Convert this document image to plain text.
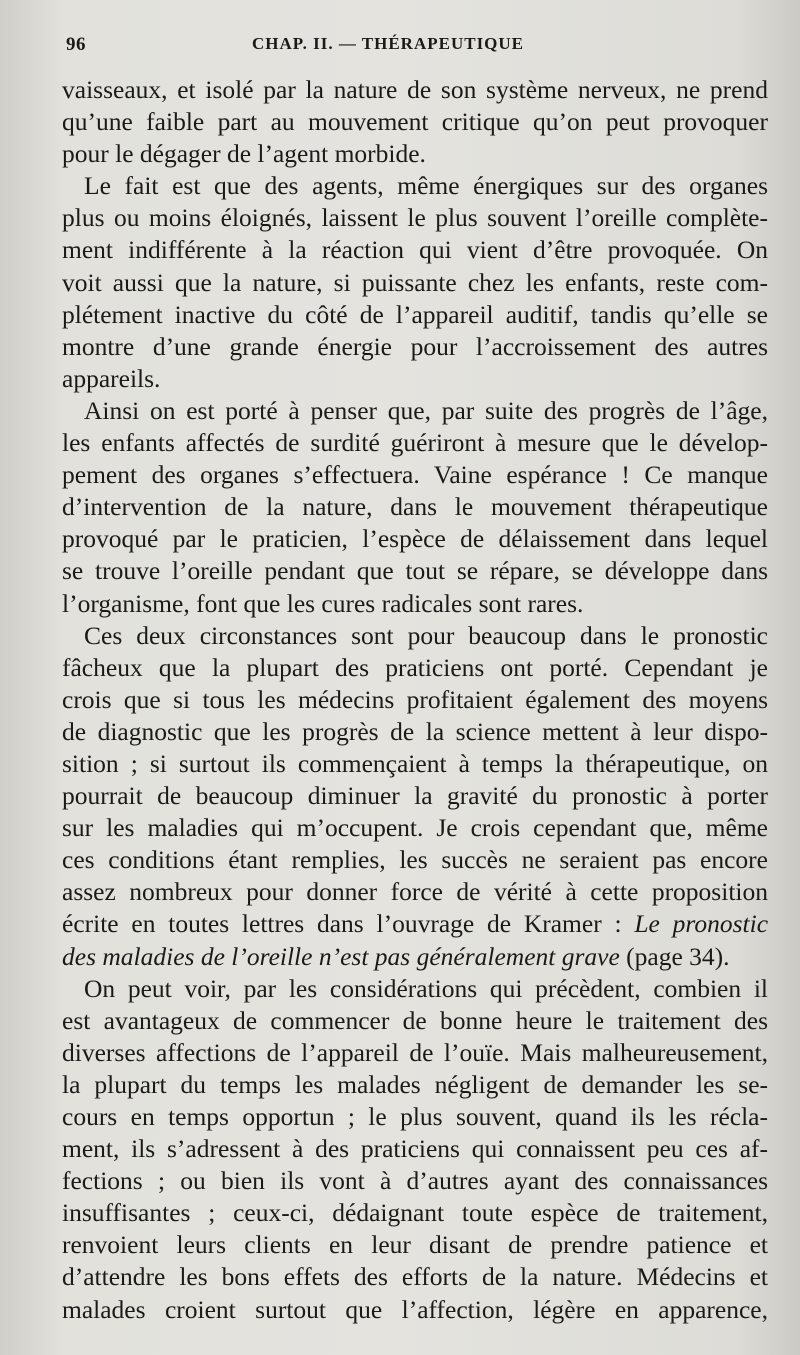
96	CHAP. II. — THÉRAPEUTIQUE
vaisseaux, et isolé par la nature de son système nerveux, ne prend
qu’une faible part au mouvement critique qu’on peut provoquer
pour le dégager de l’agent morbide.
Le fait est que des agents, même énergiques sur des organes
plus ou moins éloignés, laissent le plus souvent l’oreille complète-
ment indifférente à la réaction qui vient d’être provoquée. On
voit aussi que la nature, si puissante chez les enfants, reste com-
plétement inactive du côté de l’appareil auditif, tandis qu’elle se
montre d’une grande énergie pour l’accroissement des autres
appareils.
Ainsi on est porté à penser que, par suite des progrès de l’âge,
les enfants affectés de surdité guériront à mesure que le dévelop-
pement des organes s’effectuera. Vaine espérance ! Ce manque
d’intervention de la nature, dans le mouvement thérapeutique
provoqué par le praticien, l’espèce de délaissement dans lequel
se trouve l’oreille pendant que tout se répare, se développe dans
l’organisme, font que les cures radicales sont rares.
Ces deux circonstances sont pour beaucoup dans le pronostic
fâcheux que la plupart des praticiens ont porté. Cependant je
crois que si tous les médecins profitaient également des moyens
de diagnostic que les progrès de la science mettent à leur dispo-
sition ; si surtout ils commençaient à temps la thérapeutique, on
pourrait de beaucoup diminuer la gravité du pronostic à porter
sur les maladies qui m’occupent. Je crois cependant que, même
ces conditions étant remplies, les succès ne seraient pas encore
assez nombreux pour donner force de vérité à cette proposition
écrite en toutes lettres dans l’ouvrage de Kramer : Le pronostic
des maladies de l’oreille n’est pas généralement grave (page 34).
On peut voir, par les considérations qui précèdent, combien il
est avantageux de commencer de bonne heure le traitement des
diverses affections de l’appareil de l’ouïe. Mais malheureusement,
la plupart du temps les malades négligent de demander les se-
cours en temps opportun ; le plus souvent, quand ils les récla-
ment, ils s’adressent à des praticiens qui connaissent peu ces af-
fections ; ou bien ils vont à d’autres ayant des connaissances
insuffisantes ; ceux-ci, dédaignant toute espèce de traitement,
renvoient leurs clients en leur disant de prendre patience et
d’attendre les bons effets des efforts de la nature. Médecins et
malades croient surtout que l’affection, légère en apparence,
